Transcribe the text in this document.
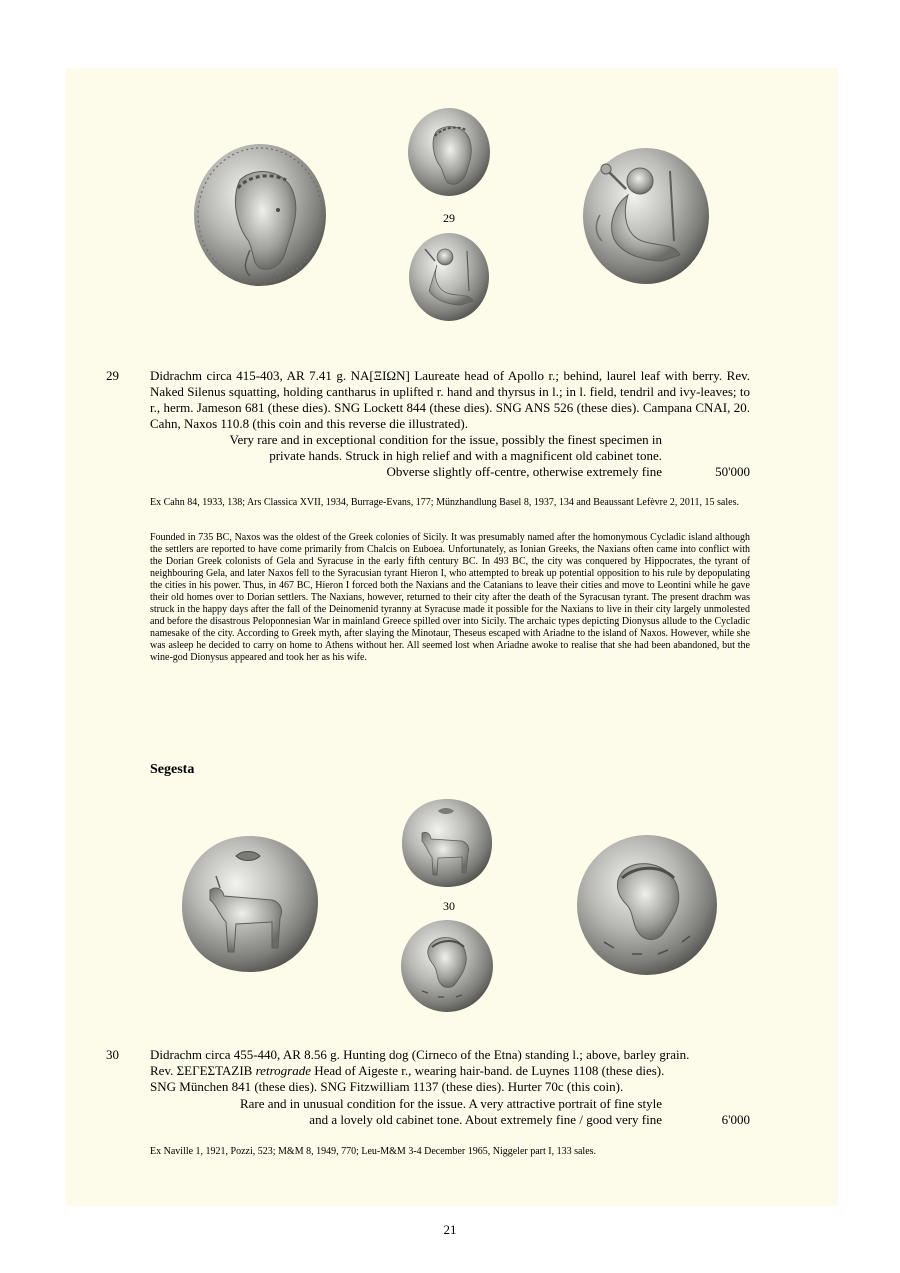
29
29 Didrachm circa 415-403, AR 7.41 g. ΝΑ[ΞΙΩΝ] Laureate head of Apollo r.; behind, laurel leaf with berry. Rev. Naked Silenus squatting, holding cantharus in uplifted r. hand and thyrsus in l.; in l. field, tendril and ivy-leaves; to r., herm. Jameson 681 (these dies). SNG Lockett 844 (these dies). SNG ANS 526 (these dies). Campana CNAI, 20. Cahn, Naxos 110.8 (this coin and this reverse die illustrated).
Very rare and in exceptional condition for the issue, possibly the finest specimen in
private hands. Struck in high relief and with a magnificent old cabinet tone.
Obverse slightly off-centre, otherwise extremely fine	50'000
Ex Cahn 84, 1933, 138; Ars Classica XVII, 1934, Burrage-Evans, 177; Münzhandlung Basel 8, 1937, 134 and Beaussant Lefèvre 2, 2011, 15 sales.
Founded in 735 BC, Naxos was the oldest of the Greek colonies of Sicily. It was presumably named after the homonymous Cycladic island although the settlers are reported to have come primarily from Chalcis on Euboea. Unfortunately, as Ionian Greeks, the Naxians often came into conflict with the Dorian Greek colonists of Gela and Syracuse in the early fifth century BC. In 493 BC, the city was conquered by Hippocrates, the tyrant of neighbouring Gela, and later Naxos fell to the Syracusian tyrant Hieron I, who attempted to break up potential opposition to his rule by depopulating the cities in his power. Thus, in 467 BC, Hieron I forced both the Naxians and the Catanians to leave their cities and move to Leontini while he gave their old homes over to Dorian settlers. The Naxians, however, returned to their city after the death of the Syracusan tyrant. The present drachm was struck in the happy days after the fall of the Deinomenid tyranny at Syracuse made it possible for the Naxians to live in their city largely unmolested and before the disastrous Peloponnesian War in mainland Greece spilled over into Sicily. The archaic types depicting Dionysus allude to the Cycladic namesake of the city. According to Greek myth, after slaying the Minotaur, Theseus escaped with Ariadne to the island of Naxos. However, while she was asleep he decided to carry on home to Athens without her. All seemed lost when Ariadne awoke to realise that she had been abandoned, but the wine-god Dionysus appeared and took her as his wife.
Segesta
30
30 Didrachm circa 455-440, AR 8.56 g. Hunting dog (Cirneco of the Etna) standing l.; above, barley grain.
Rev. ΣΕΓΕΣΤΑΖΙΒ retrograde Head of Aigeste r., wearing hair-band. de Luynes 1108 (these dies).
SNG München 841 (these dies). SNG Fitzwilliam 1137 (these dies). Hurter 70c (this coin).
Rare and in unusual condition for the issue. A very attractive portrait of fine style
and a lovely old cabinet tone. About extremely fine / good very fine	6'000
Ex Naville 1, 1921, Pozzi, 523; M&M 8, 1949, 770; Leu-M&M 3-4 December 1965, Niggeler part I, 133 sales.
21
